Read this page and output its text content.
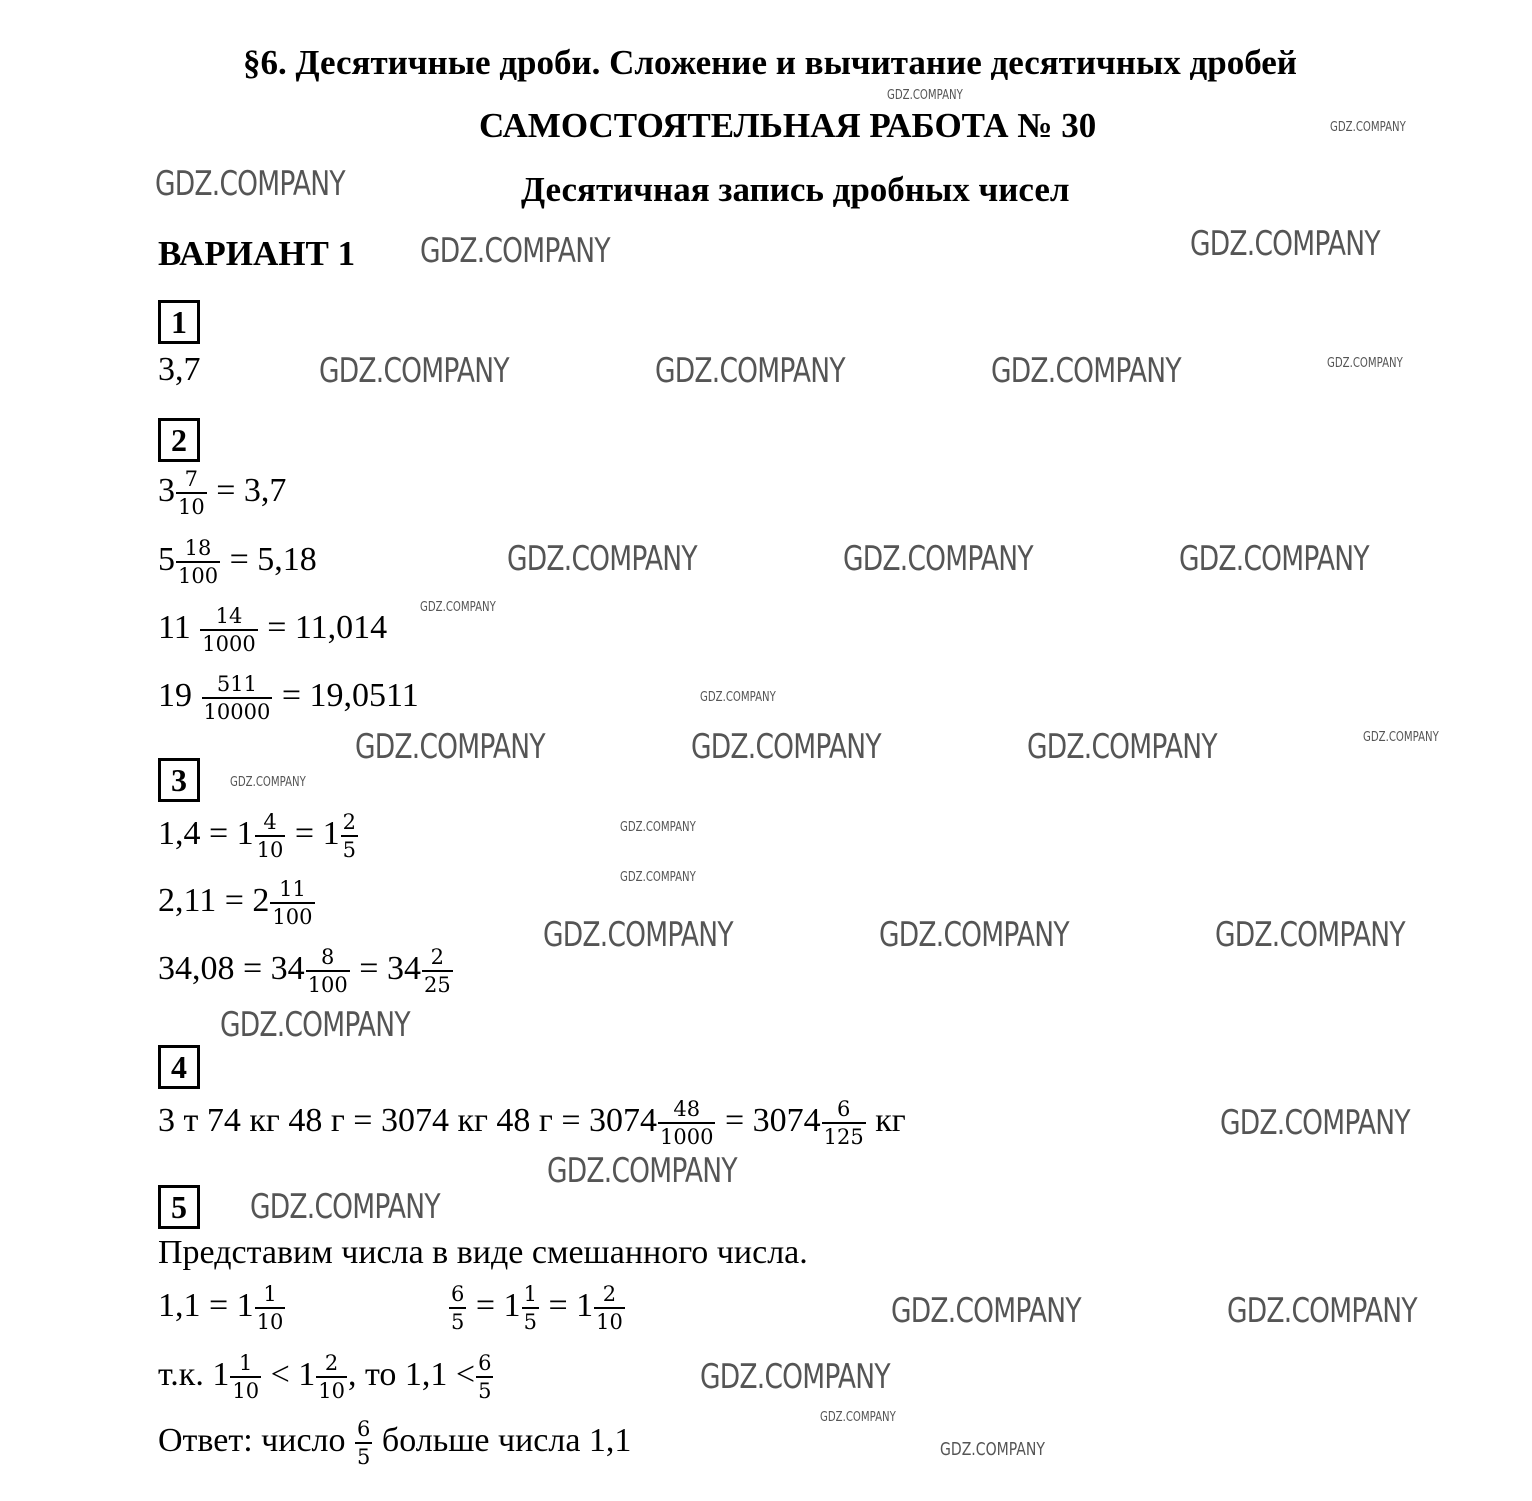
§6. Десятичные дроби. Сложение и вычитание десятичных дробей
САМОСТОЯТЕЛЬНАЯ РАБОТА № 30
Десятичная запись дробных чисел
ВАРИАНТ 1
1
3,7
2
$3 \frac{7}{10} = 3,7$
$5 \frac{18}{100} = 5,18$
$11 \frac{14}{1000} = 11,014$
$19 \frac{511}{10000} = 19,0511$
3
$1,4 = 1 \frac{4}{10} = 1 \frac{2}{5}$
$2,11 = 2 \frac{11}{100}$
$34,08 = 34 \frac{8}{100} = 34 \frac{2}{25}$
4
3 т 74 кг 48 г = 3074 кг 48 $г = 3074 \frac{48}{1000} = 3074 \frac{6}{125}$ кг
5
Представим числа в виде смешанного числа.
$1,1 = 1 \frac{1}{10}$	$\frac{6}{5} = 1 \frac{1}{5} = 1 \frac{2}{10}$
т.к. $1 \frac{1}{10} < 1 \frac{2}{10}$ , то $1,1 < \frac{6}{5}$
Ответ: число $\frac{6}{5}$ больше числа 1,1
GDZ.COMPANY
GDZ.COMPANY
GDZ.COMPANY
GDZ.COMPANY	GDZ.COMPANY
GDZ.COMPANY	GDZ.COMPANY	GDZ.COMPANY	GDZ.COMPANY
GDZ.COMPANY
GDZ.COMPANY	GDZ.COMPANY	GDZ.COMPANY
GDZ.COMPANY
GDZ.COMPANY
GDZ.COMPANY	GDZ.COMPANY	GDZ.COMPANY	GDZ.COMPANY
GDZ.COMPANY
GDZ.COMPANY
GDZ.COMPANY	GDZ.COMPANY	GDZ.COMPANY
GDZ.COMPANY
GDZ.COMPANY
GDZ.COMPANY
GDZ.COMPANY
GDZ.COMPANY	GDZ.COMPANY
GDZ.COMPANY
GDZ.COMPANY
GDZ.COMPANY
